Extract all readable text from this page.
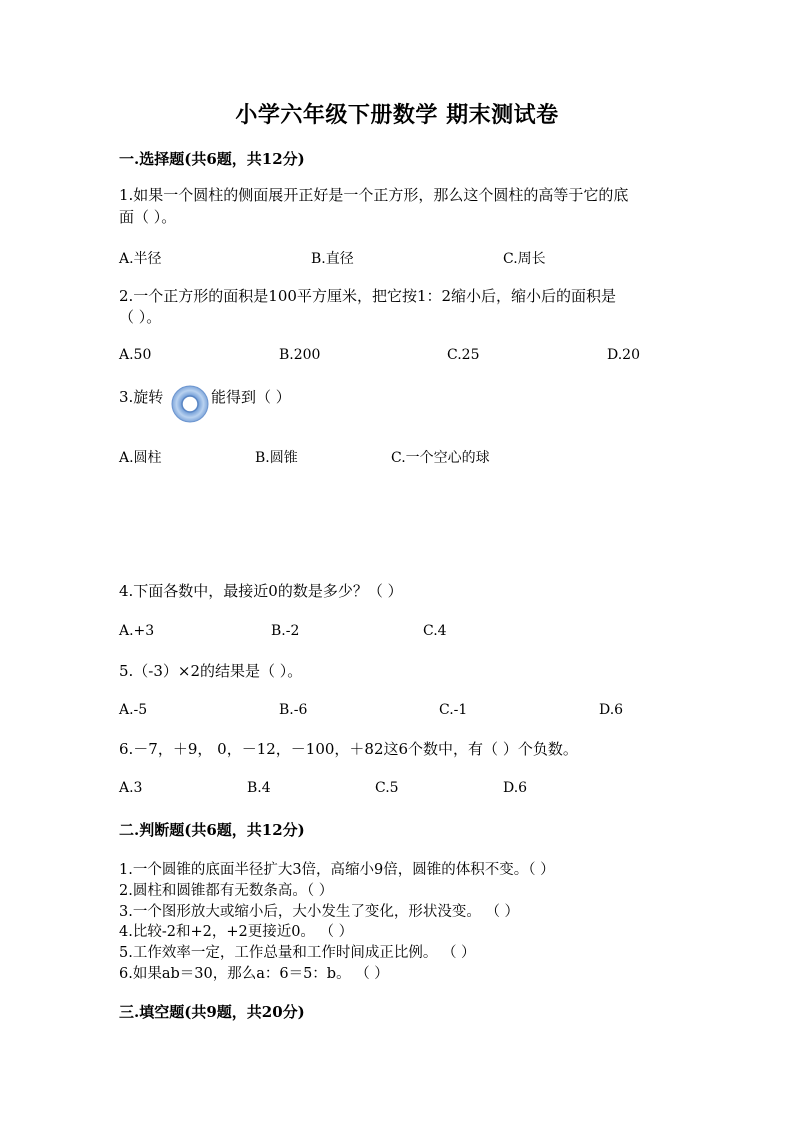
小学六年级下册数学 期末测试卷
一.选择题(共6题，共12分)
1.如果一个圆柱的侧面展开正好是一个正方形，那么这个圆柱的高等于它的底
面（ ）。
A.半径	B.直径	C.周长
2.一个正方形的面积是100平方厘米，把它按1：2缩小后，缩小后的面积是
（ ）。
A.50	B.200	C.25	D.20
3.旋转	能得到（ ）
A.圆柱	B.圆锥	C.一个空心的球
4.下面各数中，最接近0的数是多少？（ ）
A.+3	B.-2	C.4
5.（-3）×2的结果是（ ）。
A.-5	B.-6	C.-1	D.6
6.－7，＋9， 0，－12，－100，＋82这6个数中，有（ ）个负数。
A.3	B.4	C.5	D.6
二.判断题(共6题，共12分)
1.一个圆锥的底面半径扩大3倍，高缩小9倍，圆锥的体积不变。（ ）
2.圆柱和圆锥都有无数条高。（ ）
3.一个图形放大或缩小后，大小发生了变化，形状没变。 （ ）
4.比较-2和+2，+2更接近0。 （ ）
5.工作效率一定，工作总量和工作时间成正比例。 （ ）
6.如果ab＝30，那么a：6＝5：b。 （ ）
三.填空题(共9题，共20分)
